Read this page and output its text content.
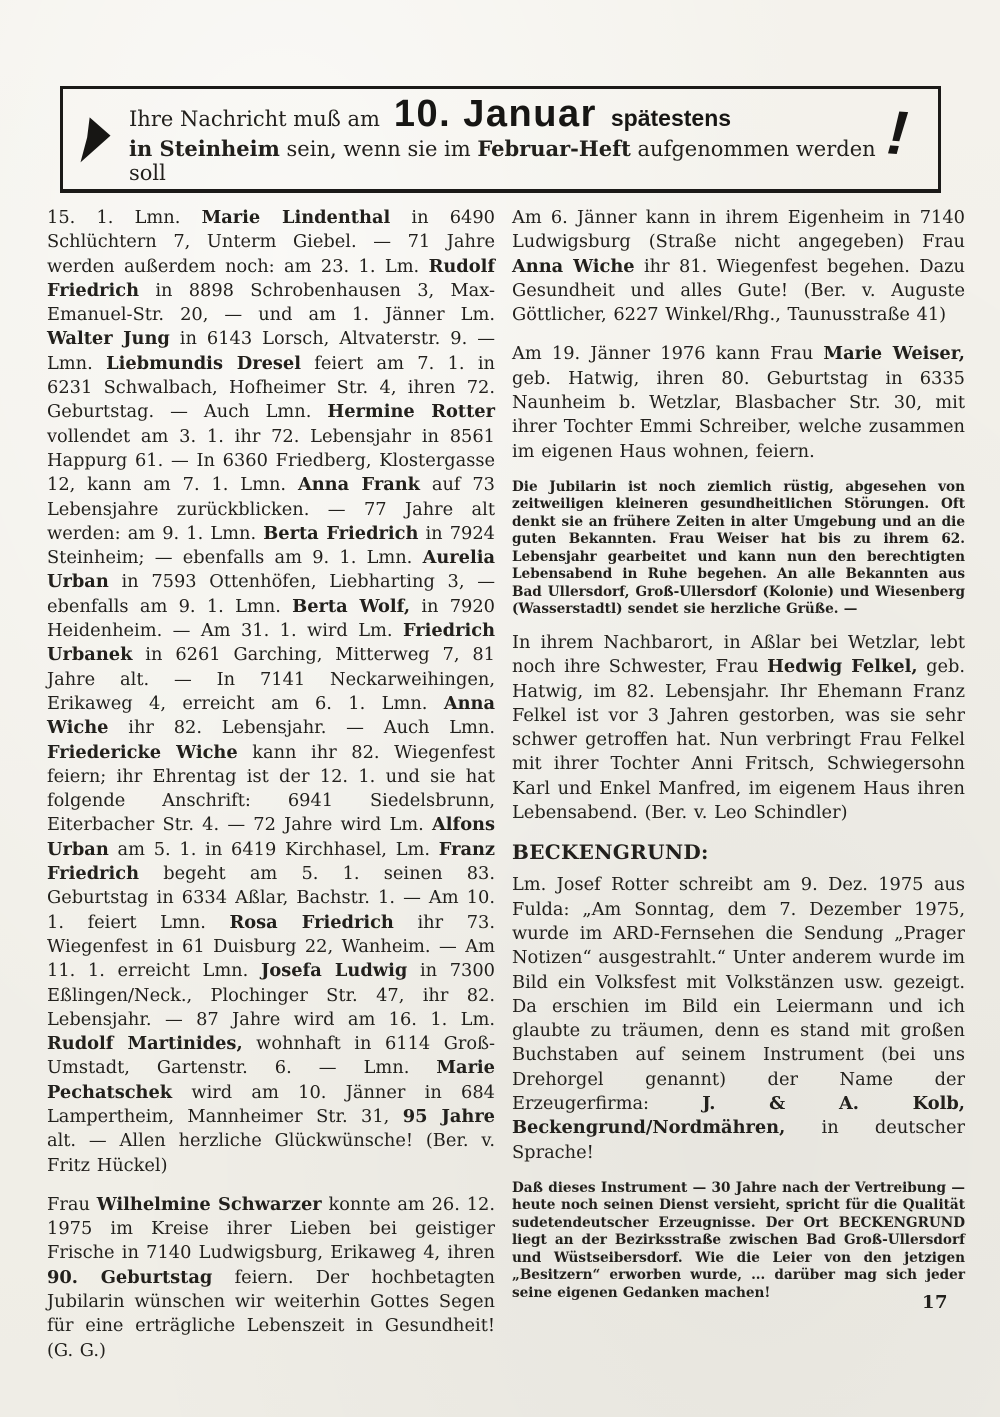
Ihre Nachricht muß am 10. Januar spätestens
in Steinheim sein, wenn sie im Februar-Heft aufgenommen werden soll
!

15. 1. Lmn. Marie Lindenthal in 6490 Schlüchtern 7, Unterm Giebel. — 71 Jahre werden außerdem noch: am 23. 1. Lm. Rudolf Friedrich in 8898 Schrobenhausen 3, Max-Emanuel-Str. 20, — und am 1. Jänner Lm. Walter Jung in 6143 Lorsch, Altvaterstr. 9. — Lmn. Liebmundis Dresel feiert am 7. 1. in 6231 Schwalbach, Hofheimer Str. 4, ihren 72. Geburtstag. — Auch Lmn. Hermine Rotter vollendet am 3. 1. ihr 72. Lebensjahr in 8561 Happurg 61. — In 6360 Friedberg, Klostergasse 12, kann am 7. 1. Lmn. Anna Frank auf 73 Lebensjahre zurückblicken. — 77 Jahre alt werden: am 9. 1. Lmn. Berta Friedrich in 7924 Steinheim; — ebenfalls am 9. 1. Lmn. Aurelia Urban in 7593 Ottenhöfen, Liebharting 3, — ebenfalls am 9. 1. Lmn. Berta Wolf, in 7920 Heidenheim. — Am 31. 1. wird Lm. Friedrich Urbanek in 6261 Garching, Mitterweg 7, 81 Jahre alt. — In 7141 Neckarweihingen, Erikaweg 4, erreicht am 6. 1. Lmn. Anna Wiche ihr 82. Lebensjahr. — Auch Lmn. Friedericke Wiche kann ihr 82. Wiegenfest feiern; ihr Ehrentag ist der 12. 1. und sie hat folgende Anschrift: 6941 Siedelsbrunn, Eiterbacher Str. 4. — 72 Jahre wird Lm. Alfons Urban am 5. 1. in 6419 Kirchhasel, Lm. Franz Friedrich begeht am 5. 1. seinen 83. Geburtstag in 6334 Aßlar, Bachstr. 1. — Am 10. 1. feiert Lmn. Rosa Friedrich ihr 73. Wiegenfest in 61 Duisburg 22, Wanheim. — Am 11. 1. erreicht Lmn. Josefa Ludwig in 7300 Eßlingen/Neck., Plochinger Str. 47, ihr 82. Lebensjahr. — 87 Jahre wird am 16. 1. Lm. Rudolf Martinides, wohnhaft in 6114 Groß-Umstadt, Gartenstr. 6. — Lmn. Marie Pechatschek wird am 10. Jänner in 684 Lampertheim, Mannheimer Str. 31, 95 Jahre alt. — Allen herzliche Glückwünsche! (Ber. v. Fritz Hückel)

Frau Wilhelmine Schwarzer konnte am 26. 12. 1975 im Kreise ihrer Lieben bei geistiger Frische in 7140 Ludwigsburg, Erikaweg 4, ihren 90. Geburtstag feiern. Der hochbetagten Jubilarin wünschen wir weiterhin Gottes Segen für eine erträgliche Lebenszeit in Gesundheit! (G. G.)

Am 6. Jänner kann in ihrem Eigenheim in 7140 Ludwigsburg (Straße nicht angegeben) Frau Anna Wiche ihr 81. Wiegenfest begehen. Dazu Gesundheit und alles Gute! (Ber. v. Auguste Göttlicher, 6227 Winkel/Rhg., Taunusstraße 41)

Am 19. Jänner 1976 kann Frau Marie Weiser, geb. Hatwig, ihren 80. Geburtstag in 6335 Naunheim b. Wetzlar, Blasbacher Str. 30, mit ihrer Tochter Emmi Schreiber, welche zusammen im eigenen Haus wohnen, feiern.

Die Jubilarin ist noch ziemlich rüstig, abgesehen von zeitweiligen kleineren gesundheitlichen Störungen. Oft denkt sie an frühere Zeiten in alter Umgebung und an die guten Bekannten. Frau Weiser hat bis zu ihrem 62. Lebensjahr gearbeitet und kann nun den berechtigten Lebensabend in Ruhe begehen. An alle Bekannten aus Bad Ullersdorf, Groß-Ullersdorf (Kolonie) und Wiesenberg (Wasserstadtl) sendet sie herzliche Grüße. —

In ihrem Nachbarort, in Aßlar bei Wetzlar, lebt noch ihre Schwester, Frau Hedwig Felkel, geb. Hatwig, im 82. Lebensjahr. Ihr Ehemann Franz Felkel ist vor 3 Jahren gestorben, was sie sehr schwer getroffen hat. Nun verbringt Frau Felkel mit ihrer Tochter Anni Fritsch, Schwiegersohn Karl und Enkel Manfred, im eigenem Haus ihren Lebensabend. (Ber. v. Leo Schindler)

BECKENGRUND:

Lm. Josef Rotter schreibt am 9. Dez. 1975 aus Fulda: „Am Sonntag, dem 7. Dezember 1975, wurde im ARD-Fernsehen die Sendung „Prager Notizen“ ausgestrahlt.“ Unter anderem wurde im Bild ein Volksfest mit Volkstänzen usw. gezeigt. Da erschien im Bild ein Leiermann und ich glaubte zu träumen, denn es stand mit großen Buchstaben auf seinem Instrument (bei uns Drehorgel genannt) der Name der Erzeugerfirma: J. & A. Kolb, Beckengrund/Nordmähren, in deutscher Sprache!

Daß dieses Instrument — 30 Jahre nach der Vertreibung — heute noch seinen Dienst versieht, spricht für die Qualität sudetendeutscher Erzeugnisse. Der Ort BECKENGRUND liegt an der Bezirksstraße zwischen Bad Groß-Ullersdorf und Wüstseibersdorf. Wie die Leier von den jetzigen „Besitzern“ erworben wurde, ... darüber mag sich jeder seine eigenen Gedanken machen!	17
